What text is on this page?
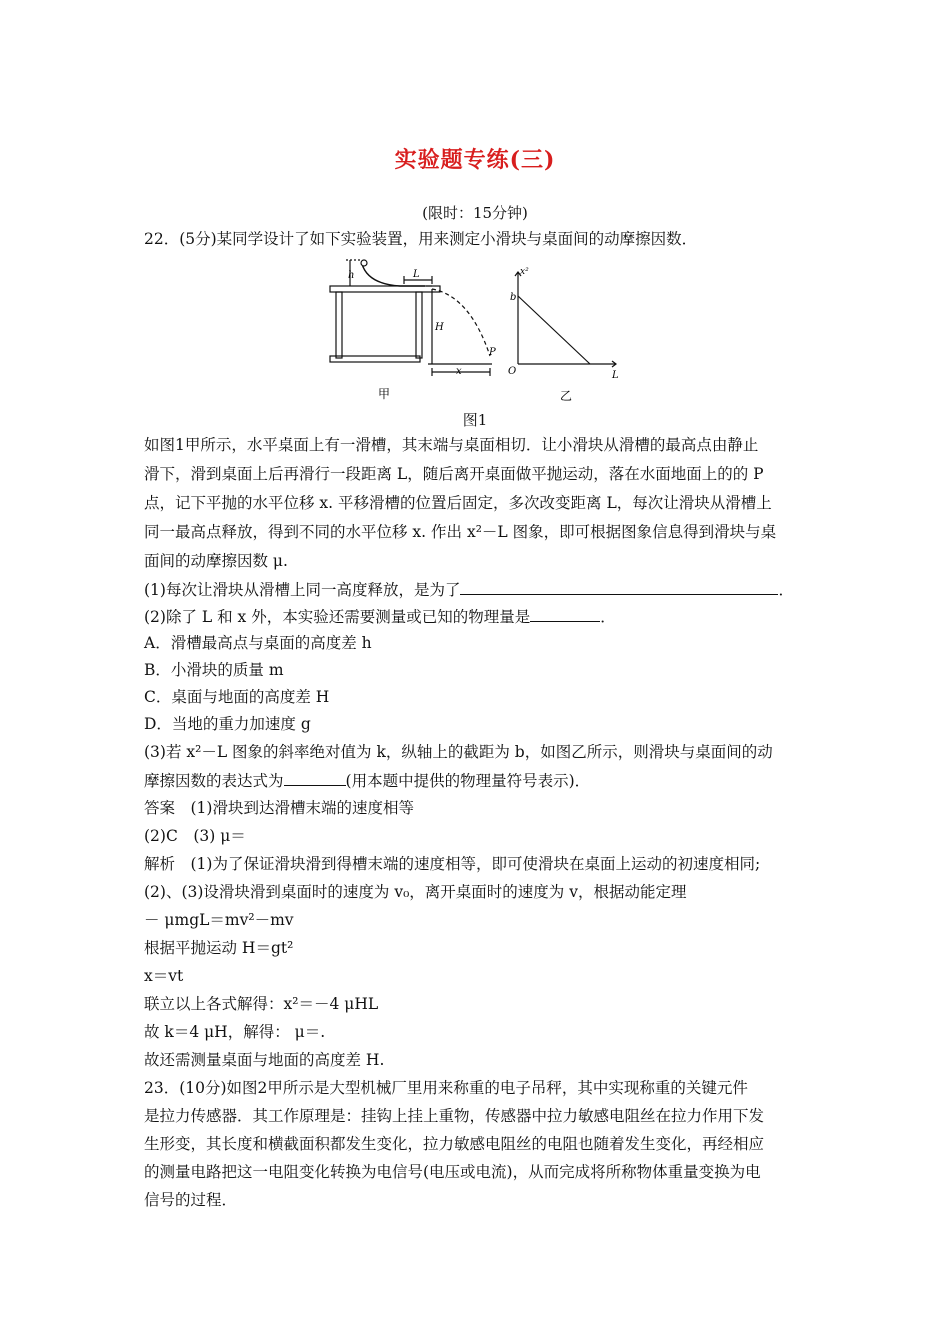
实验题专练(三)
(限时：15分钟)
22．(5分)某同学设计了如下实验装置，用来测定小滑块与桌面间的动摩擦因数．
h	L
H
x
P
甲
x²
b
O	L
乙
图1
如图1甲所示，水平桌面上有一滑槽，其末端与桌面相切．让小滑块从滑槽的最高点由静止
滑下，滑到桌面上后再滑行一段距离 L，随后离开桌面做平抛运动，落在水面地面上的的 P
点，记下平抛的水平位移 x. 平移滑槽的位置后固定，多次改变距离 L，每次让滑块从滑槽上
同一最高点释放，得到不同的水平位移 x. 作出 x²－L 图象，即可根据图象信息得到滑块与桌
面间的动摩擦因数 μ.
(1)每次让滑块从滑槽上同一高度释放，是为了	．
(2)除了 L 和 x 外，本实验还需要测量或已知的物理量是	．
A．滑槽最高点与桌面的高度差 h
B．小滑块的质量 m
C．桌面与地面的高度差 H
D．当地的重力加速度 g
(3)若 x²－L 图象的斜率绝对值为 k，纵轴上的截距为 b，如图乙所示，则滑块与桌面间的动
摩擦因数的表达式为	(用本题中提供的物理量符号表示)．
答案　(1)滑块到达滑槽末端的速度相等
(2)C　(3) μ＝
解析　(1)为了保证滑块滑到得槽末端的速度相等，即可使滑块在桌面上运动的初速度相同;
(2)、(3)设滑块滑到桌面时的速度为 v₀，离开桌面时的速度为 v，根据动能定理
－ μmgL＝mv²－mv
根据平抛运动 H＝gt²
x＝vt
联立以上各式解得：x²＝－4 μHL
故 k＝4 μH，解得： μ＝.
故还需测量桌面与地面的高度差 H.
23．(10分)如图2甲所示是大型机械厂里用来称重的电子吊秤，其中实现称重的关键元件
是拉力传感器．其工作原理是：挂钩上挂上重物，传感器中拉力敏感电阻丝在拉力作用下发
生形变，其长度和横截面积都发生变化，拉力敏感电阻丝的电阻也随着发生变化，再经相应
的测量电路把这一电阻变化转换为电信号(电压或电流)，从而完成将所称物体重量变换为电
信号的过程．
